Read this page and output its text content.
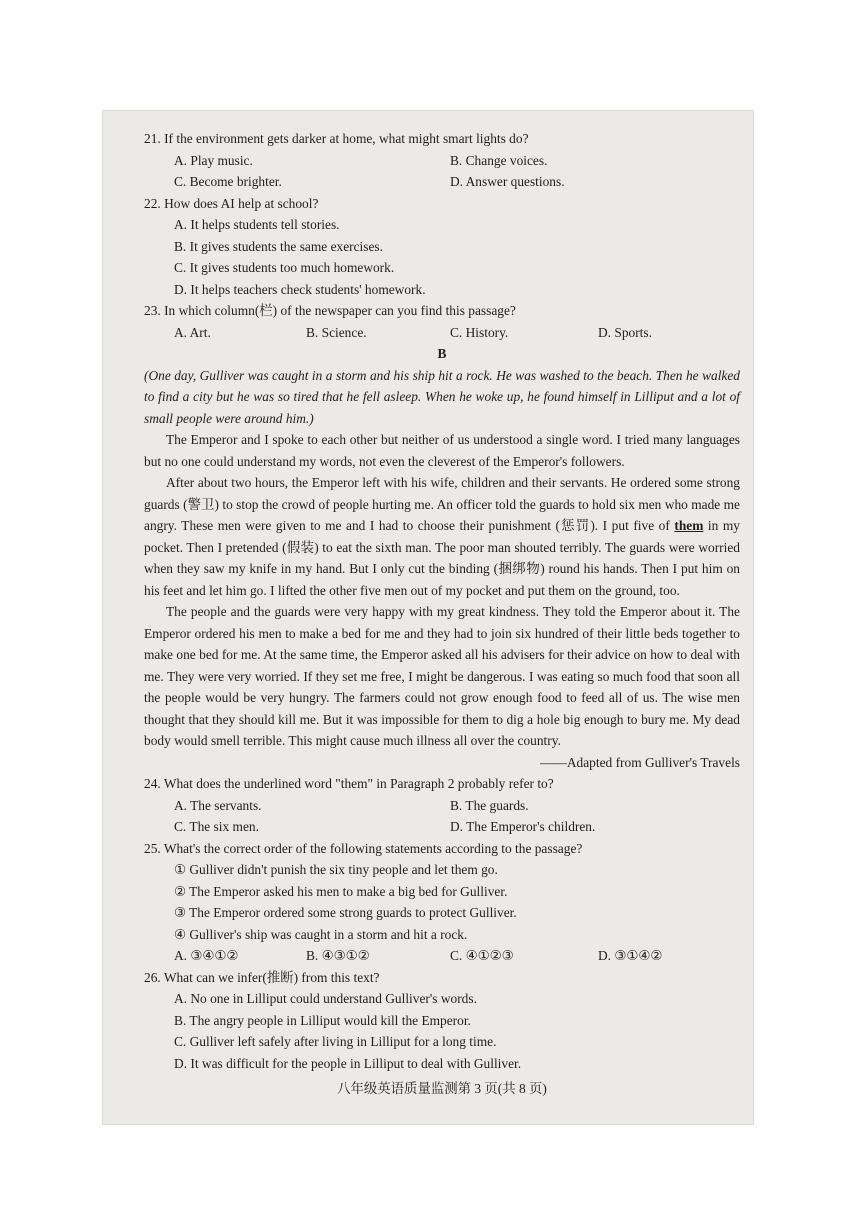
21. If the environment gets darker at home, what might smart lights do?

A. Play music.	B. Change voices.
C. Become brighter.	D. Answer questions.

22. How does AI help at school?

A. It helps students tell stories.
B. It gives students the same exercises.
C. It gives students too much homework.
D. It helps teachers check students' homework.

23. In which column(栏) of the newspaper can you find this passage?

A. Art.	B. Science.	C. History.	D. Sports.

B

(One day, Gulliver was caught in a storm and his ship hit a rock. He was washed to the beach. Then he walked to find a city but he was so tired that he fell asleep. When he woke up, he found himself in Lilliput and a lot of small people were around him.)

The Emperor and I spoke to each other but neither of us understood a single word. I tried many languages but no one could understand my words, not even the cleverest of the Emperor's followers.

After about two hours, the Emperor left with his wife, children and their servants. He ordered some strong guards (警卫) to stop the crowd of people hurting me. An officer told the guards to hold six men who made me angry. These men were given to me and I had to choose their punishment (惩罚). I put five of them in my pocket. Then I pretended (假装) to eat the sixth man. The poor man shouted terribly. The guards were worried when they saw my knife in my hand. But I only cut the binding (捆绑物) round his hands. Then I put him on his feet and let him go. I lifted the other five men out of my pocket and put them on the ground, too.

The people and the guards were very happy with my great kindness. They told the Emperor about it. The Emperor ordered his men to make a bed for me and they had to join six hundred of their little beds together to make one bed for me. At the same time, the Emperor asked all his advisers for their advice on how to deal with me. They were very worried. If they set me free, I might be dangerous. I was eating so much food that soon all the people would be very hungry. The farmers could not grow enough food to feed all of us. The wise men thought that they should kill me. But it was impossible for them to dig a hole big enough to bury me. My dead body would smell terrible. This might cause much illness all over the country.

——Adapted from Gulliver's Travels

24. What does the underlined word "them" in Paragraph 2 probably refer to?

A. The servants.	B. The guards.
C. The six men.	D. The Emperor's children.

25. What's the correct order of the following statements according to the passage?

① Gulliver didn't punish the six tiny people and let them go.
② The Emperor asked his men to make a big bed for Gulliver.
③ The Emperor ordered some strong guards to protect Gulliver.
④ Gulliver's ship was caught in a storm and hit a rock.
A. ③④①②	B. ④③①②	C. ④①②③	D. ③①④②

26. What can we infer(推断) from this text?

A. No one in Lilliput could understand Gulliver's words.
B. The angry people in Lilliput would kill the Emperor.
C. Gulliver left safely after living in Lilliput for a long time.
D. It was difficult for the people in Lilliput to deal with Gulliver.
八年级英语质量监测第 3 页(共 8 页)
